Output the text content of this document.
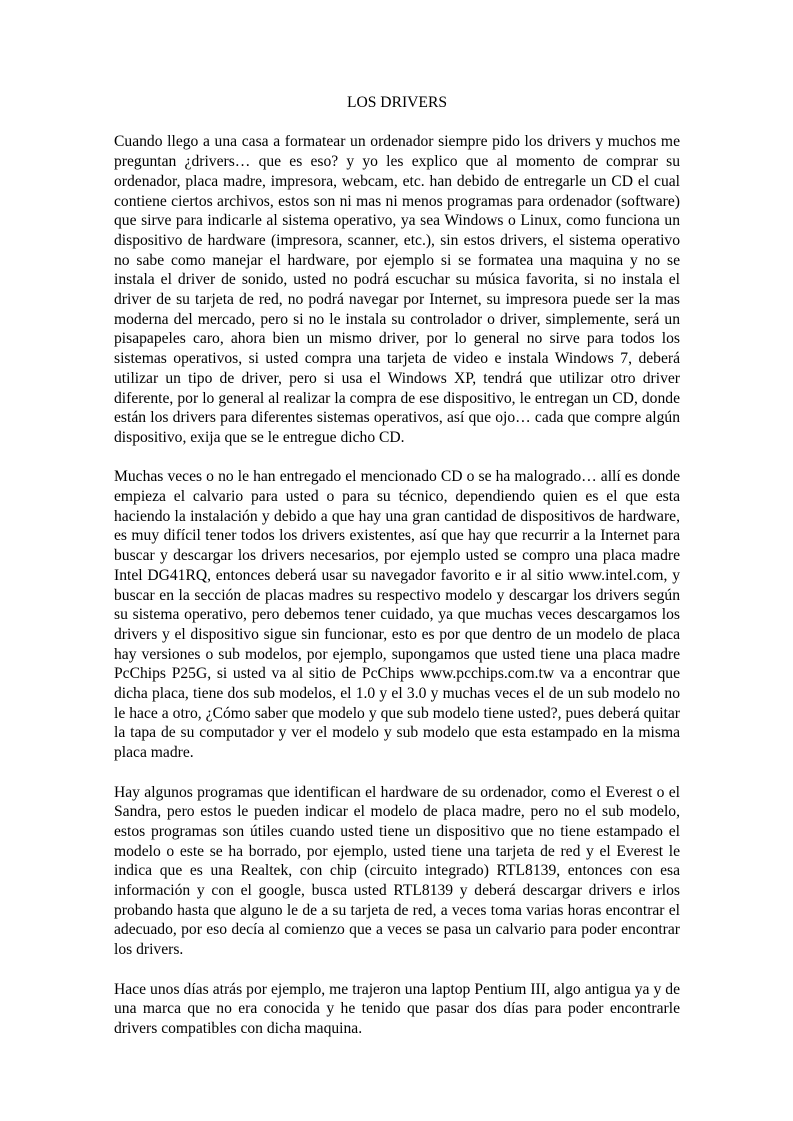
LOS DRIVERS

Cuando llego a una casa a formatear un ordenador siempre pido los drivers y muchos me preguntan ¿drivers… que es eso? y yo les explico que al momento de comprar su ordenador, placa madre, impresora, webcam, etc. han debido de entregarle un CD el cual contiene ciertos archivos, estos son ni mas ni menos programas para ordenador (software) que sirve para indicarle al sistema operativo, ya sea Windows o Linux, como funciona un dispositivo de hardware (impresora, scanner, etc.), sin estos drivers, el sistema operativo no sabe como manejar el hardware, por ejemplo si se formatea una maquina y no se instala el driver de sonido, usted no podrá escuchar su música favorita, si no instala el driver de su tarjeta de red, no podrá navegar por Internet, su impresora puede ser la mas moderna del mercado, pero si no le instala su controlador o driver, simplemente, será un pisapapeles caro, ahora bien un mismo driver, por lo general no sirve para todos los sistemas operativos, si usted compra una tarjeta de video e instala Windows 7, deberá utilizar un tipo de driver, pero si usa el Windows XP, tendrá que utilizar otro driver diferente, por lo general al realizar la compra de ese dispositivo, le entregan un CD, donde están los drivers para diferentes sistemas operativos, así que ojo… cada que compre algún dispositivo, exija que se le entregue dicho CD.

Muchas veces o no le han entregado el mencionado CD o se ha malogrado… allí es donde empieza el calvario para usted o para su técnico, dependiendo quien es el que esta haciendo la instalación y debido a que hay una gran cantidad de dispositivos de hardware, es muy difícil tener todos los drivers existentes, así que hay que recurrir a la Internet para buscar y descargar los drivers necesarios, por ejemplo usted se compro una placa madre Intel DG41RQ, entonces deberá usar su navegador favorito e ir al sitio www.intel.com, y buscar en la sección de placas madres su respectivo modelo y descargar los drivers según su sistema operativo, pero debemos tener cuidado, ya que muchas veces descargamos los drivers y el dispositivo sigue sin funcionar, esto es por que dentro de un modelo de placa hay versiones o sub modelos, por ejemplo, supongamos que usted tiene una placa madre PcChips P25G, si usted va al sitio de PcChips www.pcchips.com.tw va a encontrar que dicha placa, tiene dos sub modelos, el 1.0 y el 3.0 y muchas veces el de un sub modelo no le hace a otro, ¿Cómo saber que modelo y que sub modelo tiene usted?, pues deberá quitar la tapa de su computador y ver el modelo y sub modelo que esta estampado en la misma placa madre.

Hay algunos programas que identifican el hardware de su ordenador, como el Everest o el Sandra, pero estos le pueden indicar el modelo de placa madre, pero no el sub modelo, estos programas son útiles cuando usted tiene un dispositivo que no tiene estampado el modelo o este se ha borrado, por ejemplo, usted tiene una tarjeta de red y el Everest le indica que es una Realtek, con chip (circuito integrado) RTL8139, entonces con esa información y con el google, busca usted RTL8139 y deberá descargar drivers e irlos probando hasta que alguno le de a su tarjeta de red, a veces toma varias horas encontrar el adecuado, por eso decía al comienzo que a veces se pasa un calvario para poder encontrar los drivers.

Hace unos días atrás por ejemplo, me trajeron una laptop Pentium III, algo antigua ya y de una marca que no era conocida y he tenido que pasar dos días para poder encontrarle drivers compatibles con dicha maquina.
